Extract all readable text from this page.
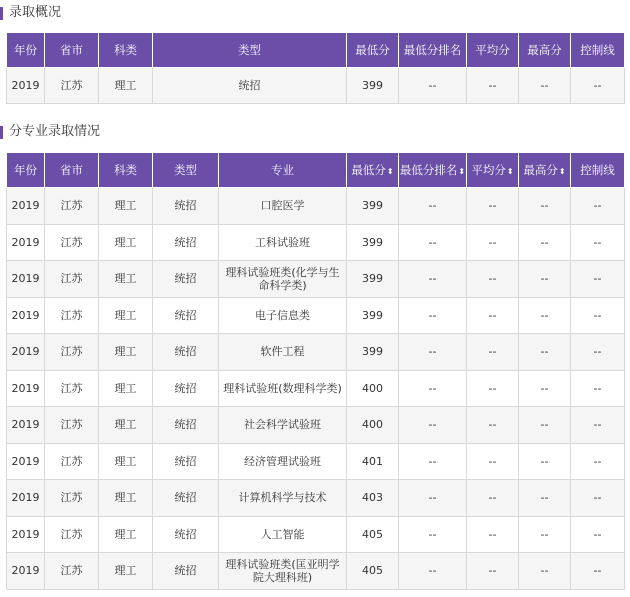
录取概况
年份	省市	科类	类型	最低分	最低分排名	平均分	最高分	控制线
2019	江苏	理工	统招	399	--	--	--	--
分专业录取情况
年份	省市	科类	类型	专业	最低分⬍	最低分排名⬍	平均分⬍	最高分⬍	控制线
2019	江苏	理工	统招	口腔医学	399	--	--	--	--
2019	江苏	理工	统招	工科试验班	399	--	--	--	--
2019	江苏	理工	统招	理科试验班类(化学与生命科学类)	399	--	--	--	--
2019	江苏	理工	统招	电子信息类	399	--	--	--	--
2019	江苏	理工	统招	软件工程	399	--	--	--	--
2019	江苏	理工	统招	理科试验班(数理科学类)	400	--	--	--	--
2019	江苏	理工	统招	社会科学试验班	400	--	--	--	--
2019	江苏	理工	统招	经济管理试验班	401	--	--	--	--
2019	江苏	理工	统招	计算机科学与技术	403	--	--	--	--
2019	江苏	理工	统招	人工智能	405	--	--	--	--
2019	江苏	理工	统招	理科试验班类(匡亚明学院大理科班)	405	--	--	--	--
